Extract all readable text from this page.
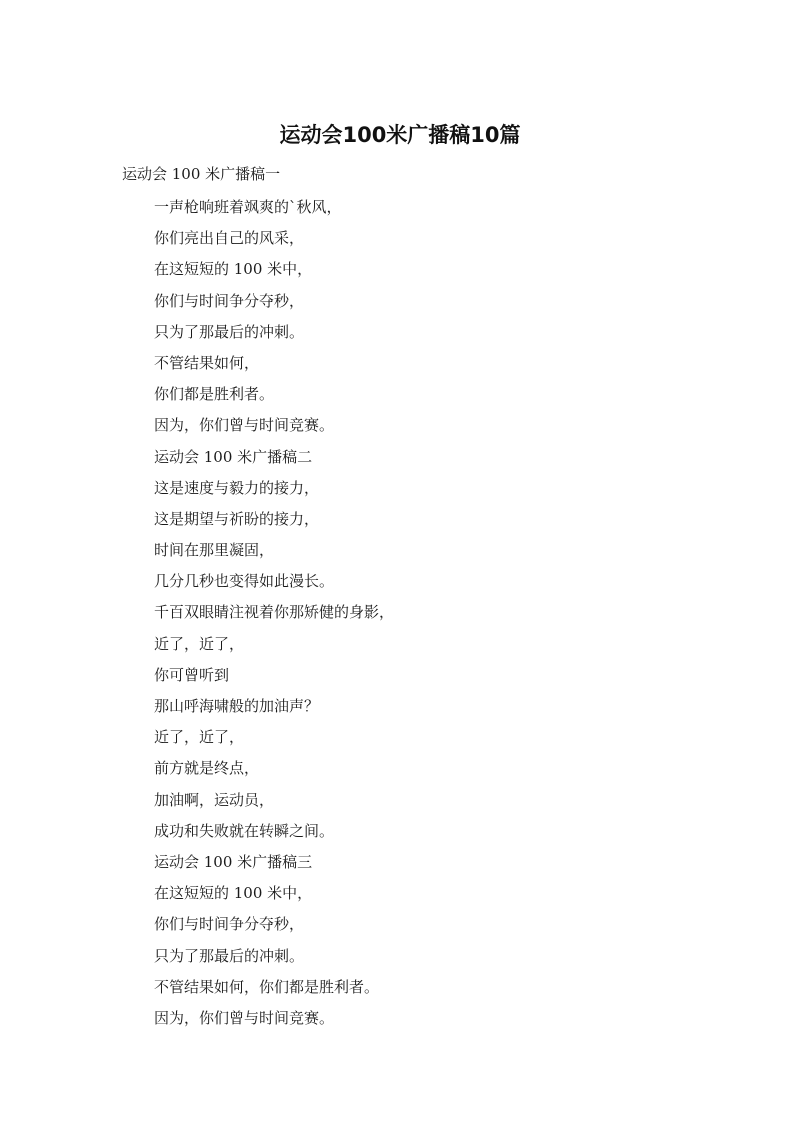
运动会100米广播稿10篇
运动会 100 米广播稿一
一声枪响班着飒爽的`秋风，
你们亮出自己的风采，
在这短短的 100 米中，
你们与时间争分夺秒，
只为了那最后的冲刺。
不管结果如何，
你们都是胜利者。
因为，你们曾与时间竞赛。
运动会 100 米广播稿二
这是速度与毅力的接力，
这是期望与祈盼的接力，
时间在那里凝固，
几分几秒也变得如此漫长。
千百双眼睛注视着你那矫健的身影，
近了，近了，
你可曾听到
那山呼海啸般的加油声？
近了，近了，
前方就是终点，
加油啊，运动员，
成功和失败就在转瞬之间。
运动会 100 米广播稿三
在这短短的 100 米中，
你们与时间争分夺秒，
只为了那最后的冲刺。
不管结果如何，你们都是胜利者。
因为，你们曾与时间竞赛。
